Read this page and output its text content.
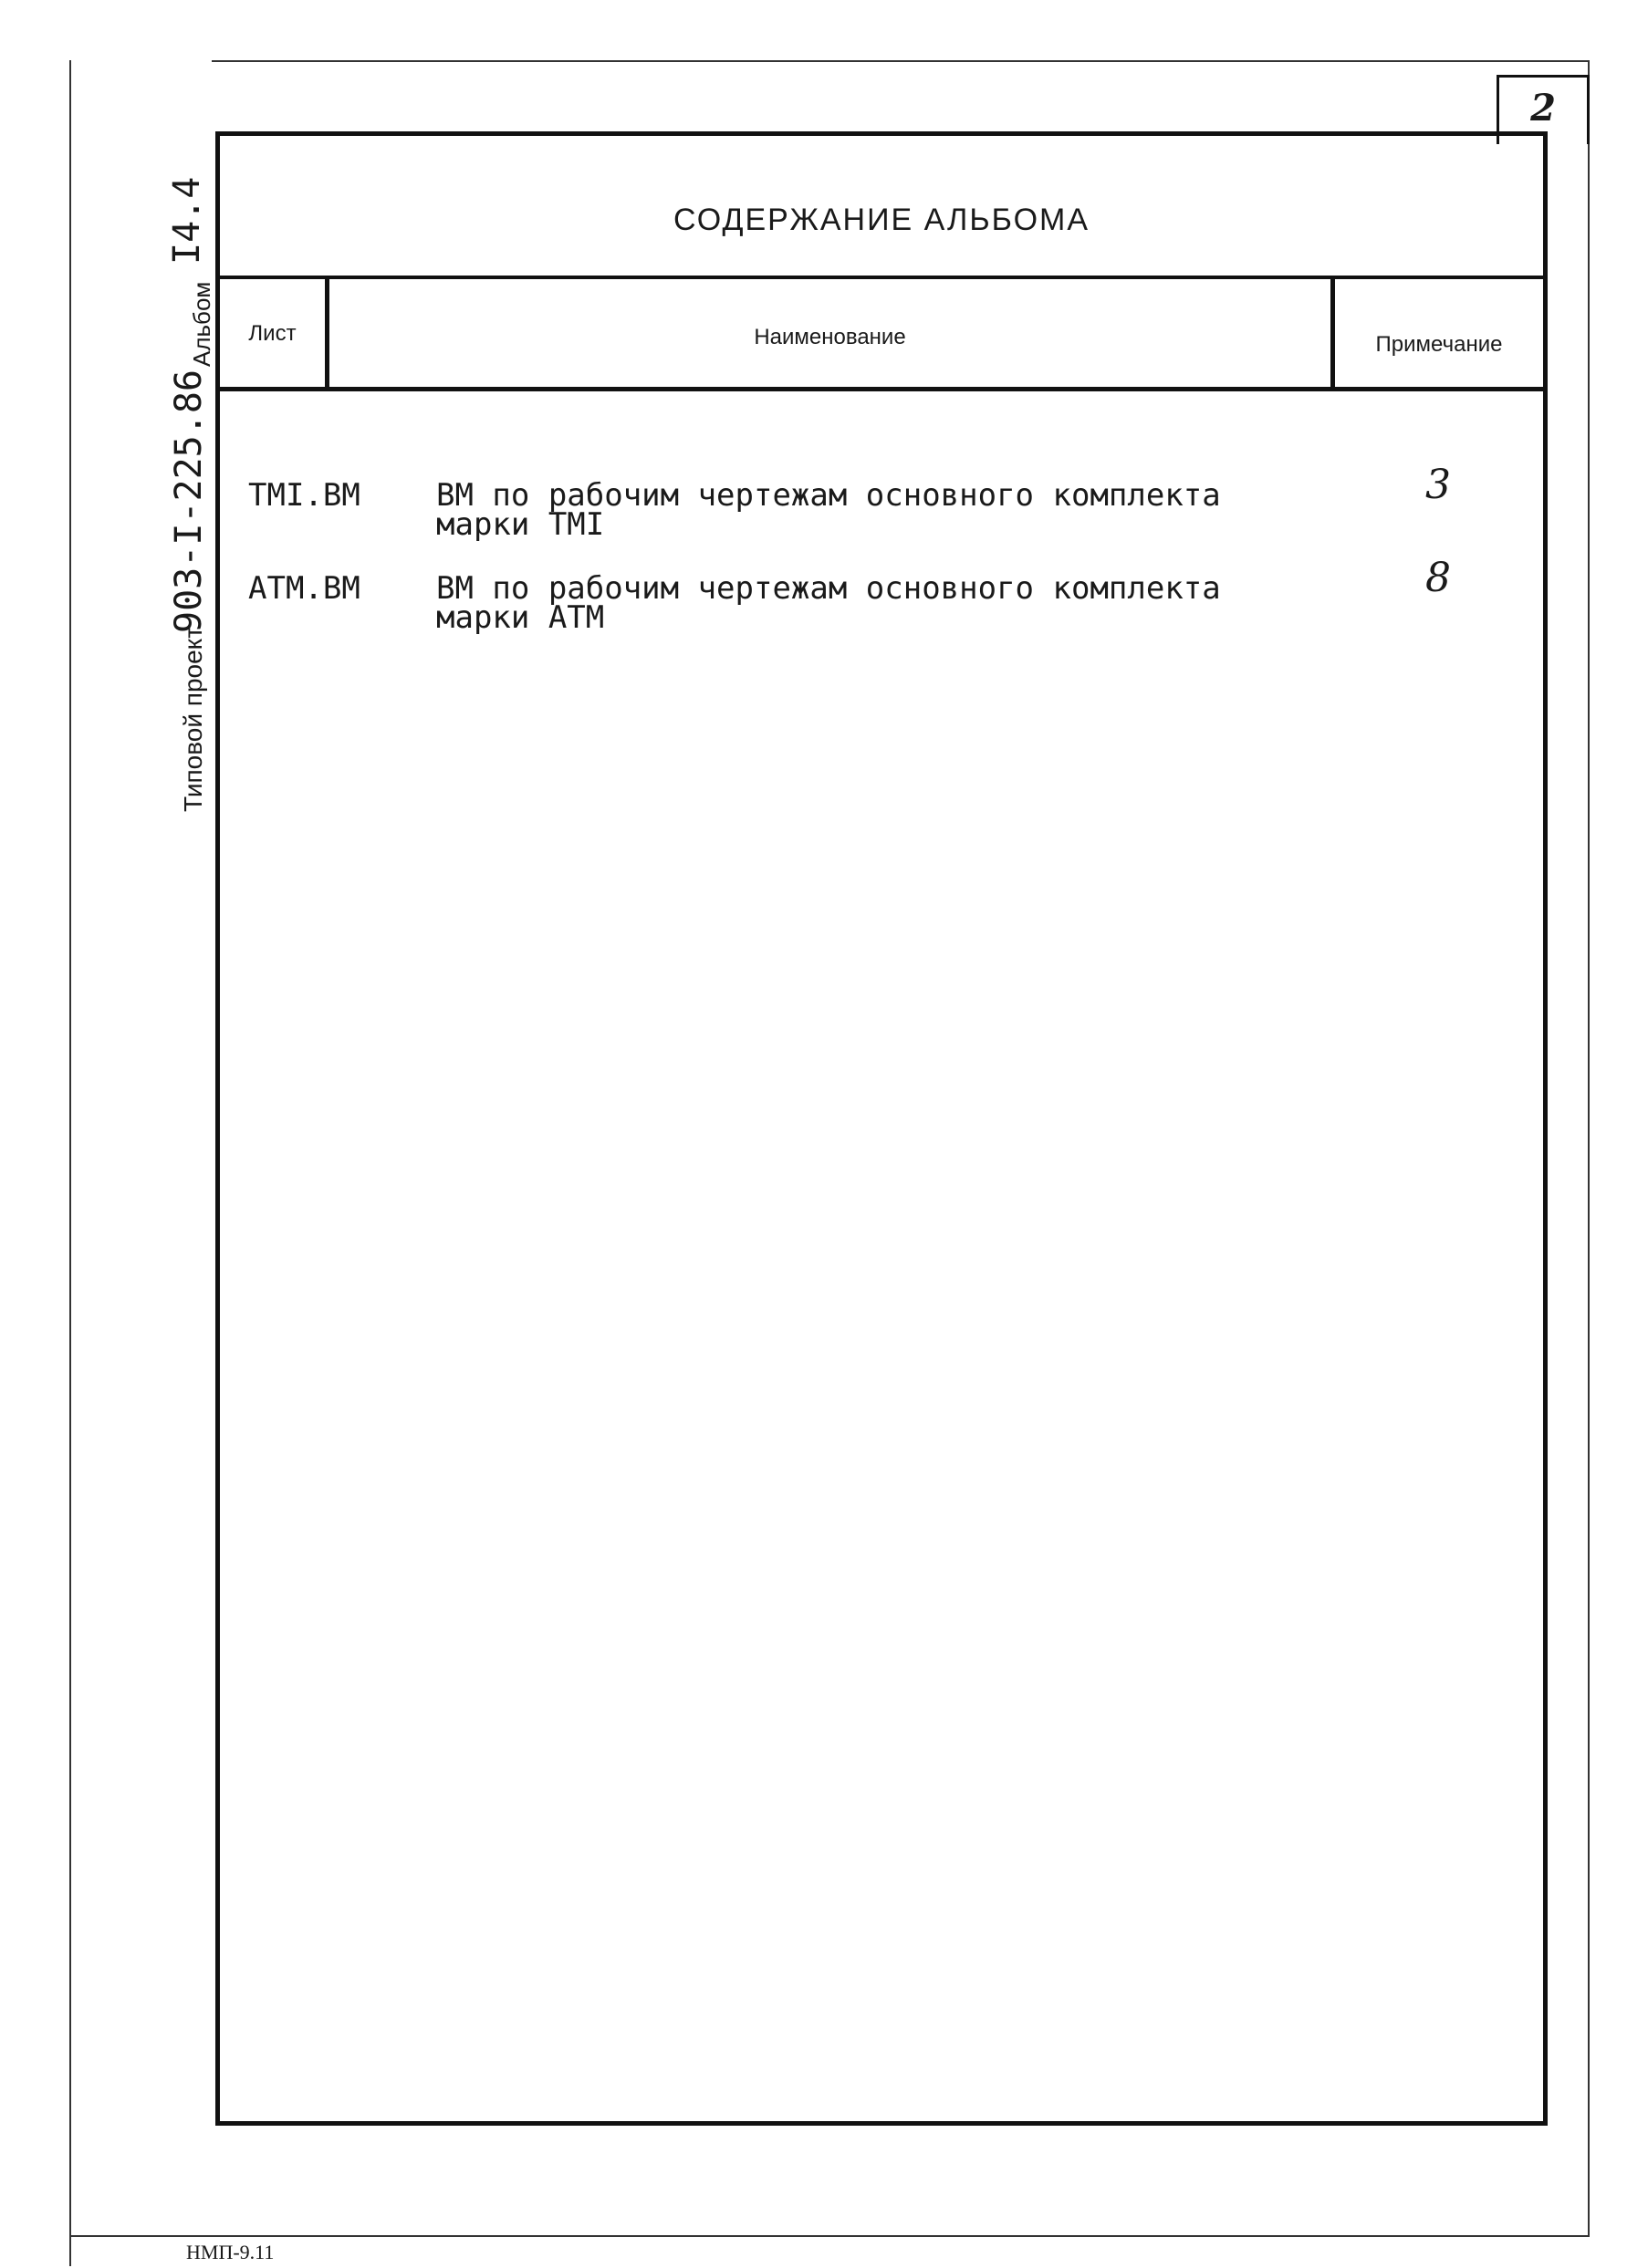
2
СОДЕРЖАНИЕ АЛЬБОМА
Лист	Наименование	Примечание
TMI.BM ВМ по рабочим чертежам основного комплекта
марки TMI
3
ATM.BM ВМ по рабочим чертежам основного комплекта
марки АТМ
8
Типовой проект
903-I-225.86
Альбом
I4.4
НМП-9.11
